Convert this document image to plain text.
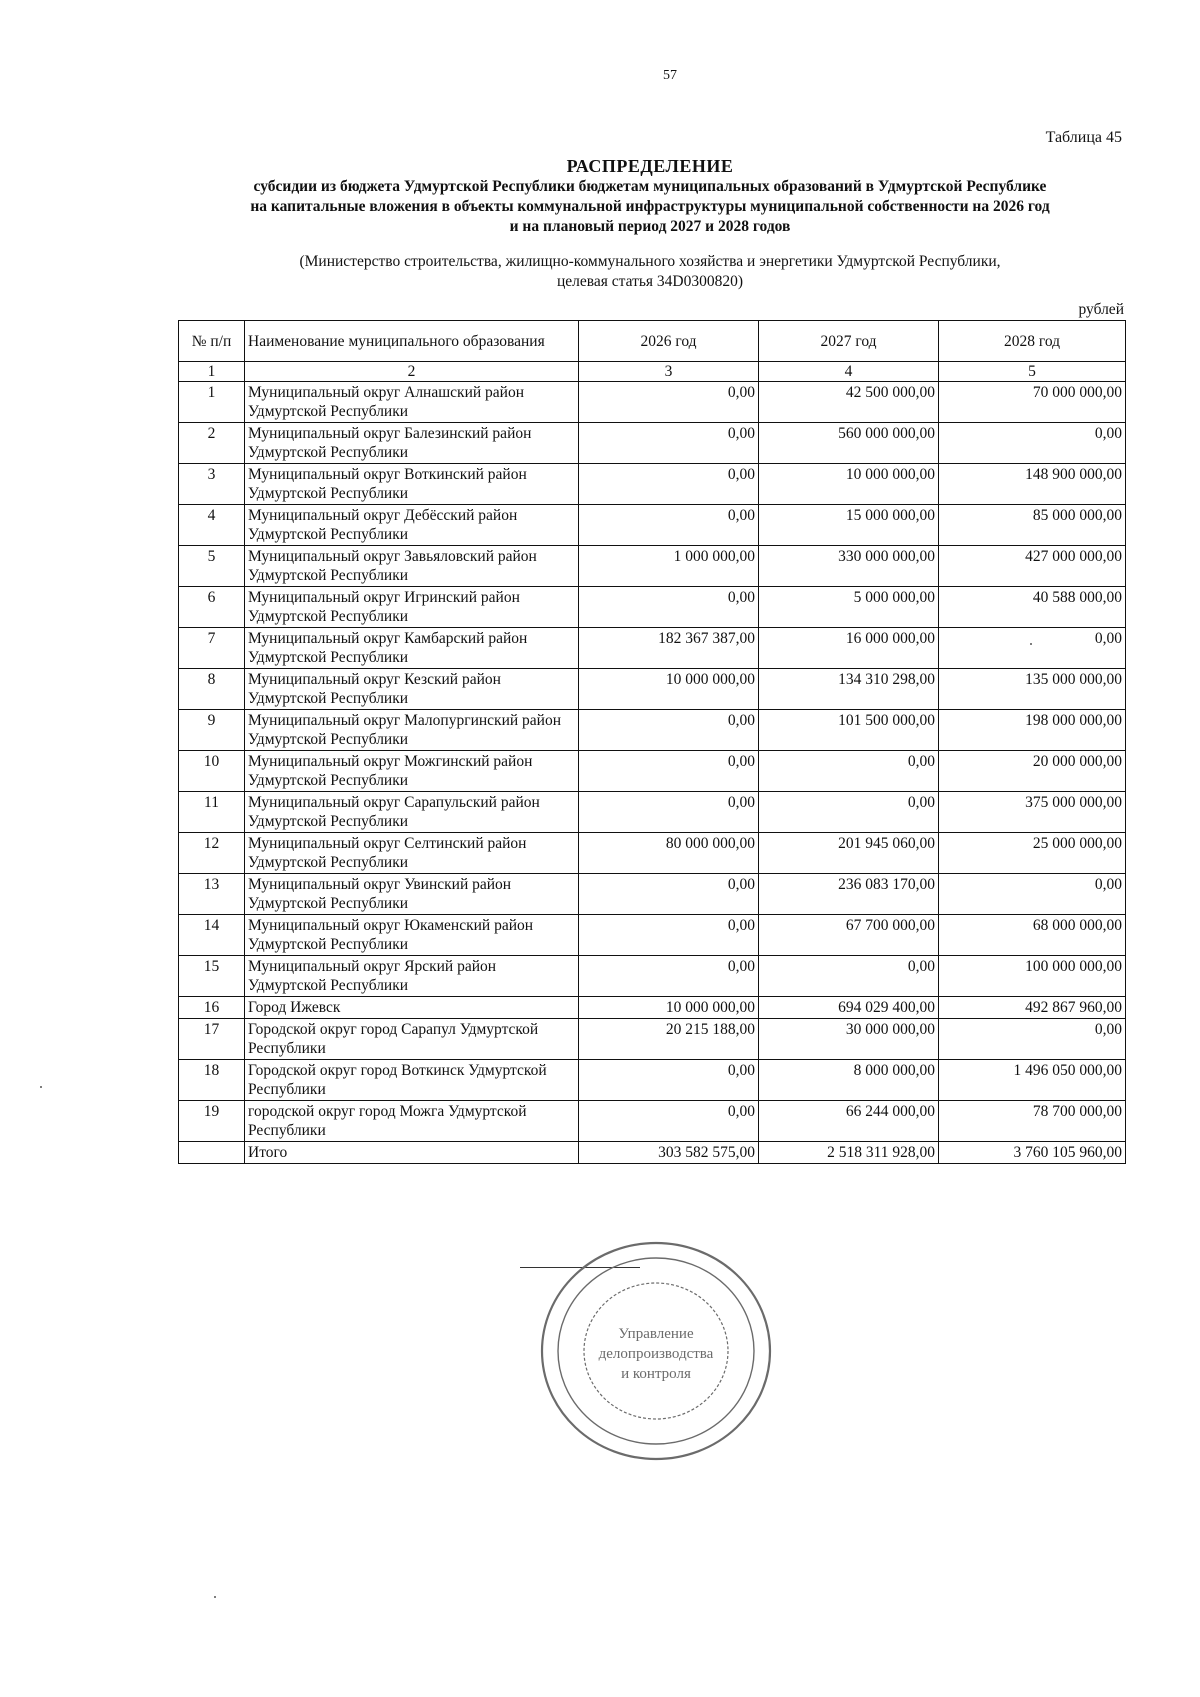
57
Таблица 45
РАСПРЕДЕЛЕНИЕ
субсидии из бюджета Удмуртской Республики бюджетам муниципальных образований в Удмуртской Республике
на капитальные вложения в объекты коммунальной инфраструктуры муниципальной собственности на 2026 год
и на плановый период 2027 и 2028 годов
(Министерство строительства, жилищно-коммунального хозяйства и энергетики Удмуртской Республики,
целевая статья 34D0300820)
рублей
№ п/п	Наименование муниципального образования	2026 год	2027 год	2028 год
1	2	3	4	5
1	Муниципальный округ Алнашский район Удмуртской Республики	0,00	42 500 000,00	70 000 000,00
2	Муниципальный округ Балезинский район Удмуртской Республики	0,00	560 000 000,00	0,00
3	Муниципальный округ Воткинский район Удмуртской Республики	0,00	10 000 000,00	148 900 000,00
4	Муниципальный округ Дебёсский район Удмуртской Республики	0,00	15 000 000,00	85 000 000,00
5	Муниципальный округ Завьяловский район Удмуртской Республики	1 000 000,00	330 000 000,00	427 000 000,00
6	Муниципальный округ Игринский район Удмуртской Республики	0,00	5 000 000,00	40 588 000,00
7	Муниципальный округ Камбарский район Удмуртской Республики	182 367 387,00	16 000 000,00	0,00
8	Муниципальный округ Кезский район Удмуртской Республики	10 000 000,00	134 310 298,00	135 000 000,00
9	Муниципальный округ Малопургинский район Удмуртской Республики	0,00	101 500 000,00	198 000 000,00
10	Муниципальный округ Можгинский район Удмуртской Республики	0,00	0,00	20 000 000,00
11	Муниципальный округ Сарапульский район Удмуртской Республики	0,00	0,00	375 000 000,00
12	Муниципальный округ Селтинский район Удмуртской Республики	80 000 000,00	201 945 060,00	25 000 000,00
13	Муниципальный округ Увинский район Удмуртской Республики	0,00	236 083 170,00	0,00
14	Муниципальный округ Юкаменский район Удмуртской Республики	0,00	67 700 000,00	68 000 000,00
15	Муниципальный округ Ярский район Удмуртской Республики	0,00	0,00	100 000 000,00
16	Город Ижевск	10 000 000,00	694 029 400,00	492 867 960,00
17	Городской округ город Сарапул Удмуртской Республики	20 215 188,00	30 000 000,00	0,00
18	Городской округ город Воткинск Удмуртской Республики	0,00	8 000 000,00	1 496 050 000,00
19	городской округ город Можга Удмуртской Республики	0,00	66 244 000,00	78 700 000,00
	Итого	303 582 575,00	2 518 311 928,00	3 760 105 960,00
Управление
делопроизводства
и контроля
